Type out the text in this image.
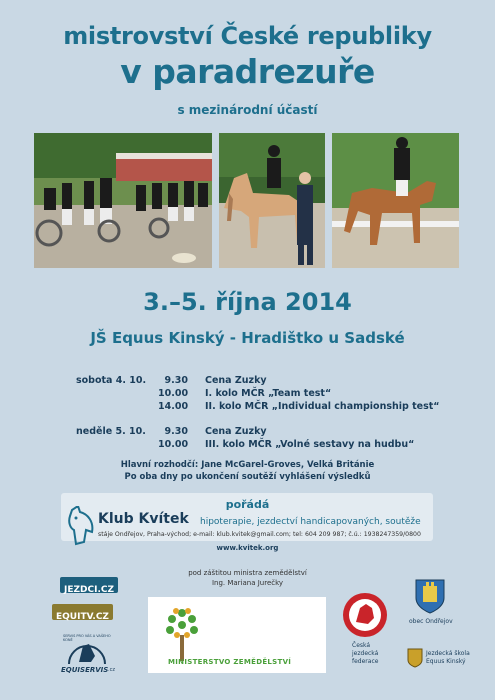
mistrovství České republiky
v paradrezuře
s mezinárodní účastí
3.–5. října 2014
JŠ Equus Kinský - Hradištko u Sadské
sobota 4. 10.	9.30 Cena Zuzky
10.00 I. kolo MČR „Team test“
14.00 II. kolo MČR „Individual championship test“
neděle 5. 10.	9.30 Cena Zuzky
10.00 III. kolo MČR „Volné sestavy na hudbu“
Hlavní rozhodčí: Jane McGarel-Groves, Velká Británie
Po oba dny po ukončení soutěží vyhlášení výsledků
pořádá
Klub Kvítek hipoterapie, jezdectví handicapovaných, soutěže
stáje Ondřejov, Praha-východ; e-mail: klub.kvitek@gmail.com; tel: 604 209 987; č.ú.: 1938247359/0800
www.kvitek.org
pod záštitou ministra zemědělství
Ing. Mariana Jurečky
MINISTERSTVO ZEMĚDĚLSTVÍ
JEZDCI.CZ
EQUITV.CZ
SERVIS PRO VÁS A VAŠEHO KONĚ
EQUISERVIS .cz
Česká
jezdecká
federace
obec Ondřejov
Jezdecká škola
Equus Kinský
